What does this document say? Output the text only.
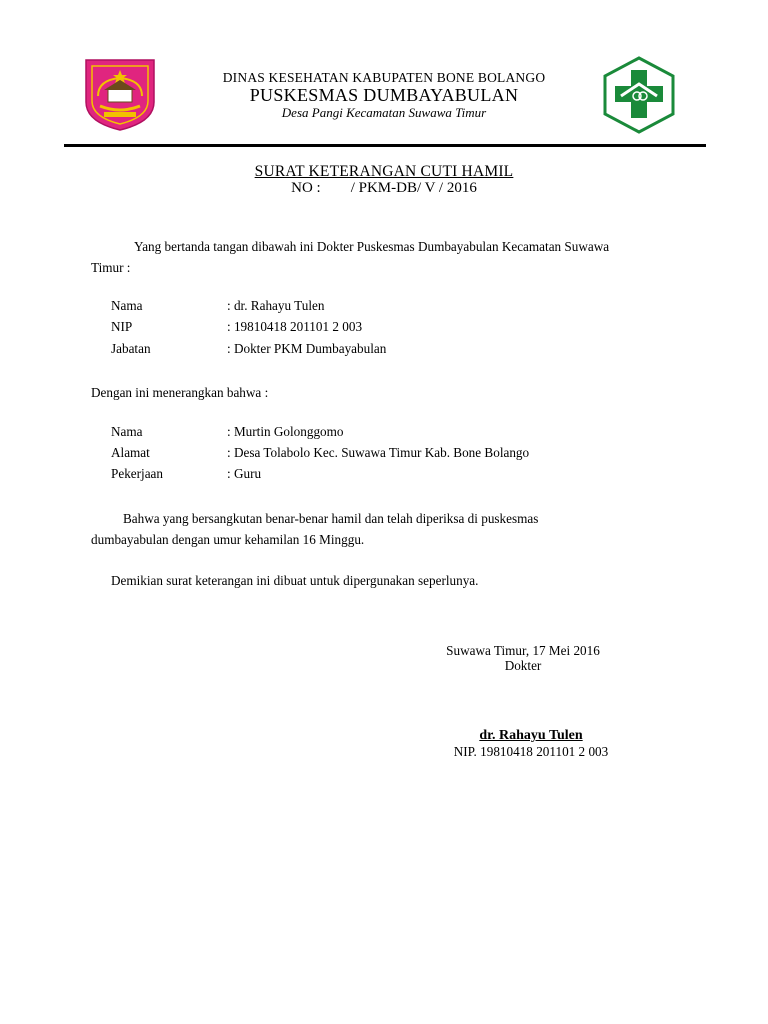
DINAS KESEHATAN KABUPATEN BONE BOLANGO
PUSKESMAS DUMBAYABULAN
Desa Pangi Kecamatan Suwawa Timur
SURAT KETERANGAN CUTI HAMIL
NO :        / PKM-DB/ V / 2016
Yang bertanda tangan dibawah ini Dokter Puskesmas Dumbayabulan Kecamatan Suwawa
Timur :
Nama	: dr. Rahayu Tulen
NIP	: 19810418 201101 2 003
Jabatan	: Dokter PKM Dumbayabulan
Dengan ini menerangkan bahwa :
Nama	: Murtin Golonggomo
Alamat	: Desa Tolabolo Kec. Suwawa Timur Kab. Bone Bolango
Pekerjaan	: Guru
Bahwa yang bersangkutan benar-benar hamil dan telah diperiksa di puskesmas
dumbayabulan dengan umur kehamilan 16 Minggu.
Demikian surat keterangan ini dibuat untuk dipergunakan seperlunya.
Suwawa Timur, 17 Mei 2016
Dokter
dr. Rahayu Tulen
NIP. 19810418 201101 2 003
